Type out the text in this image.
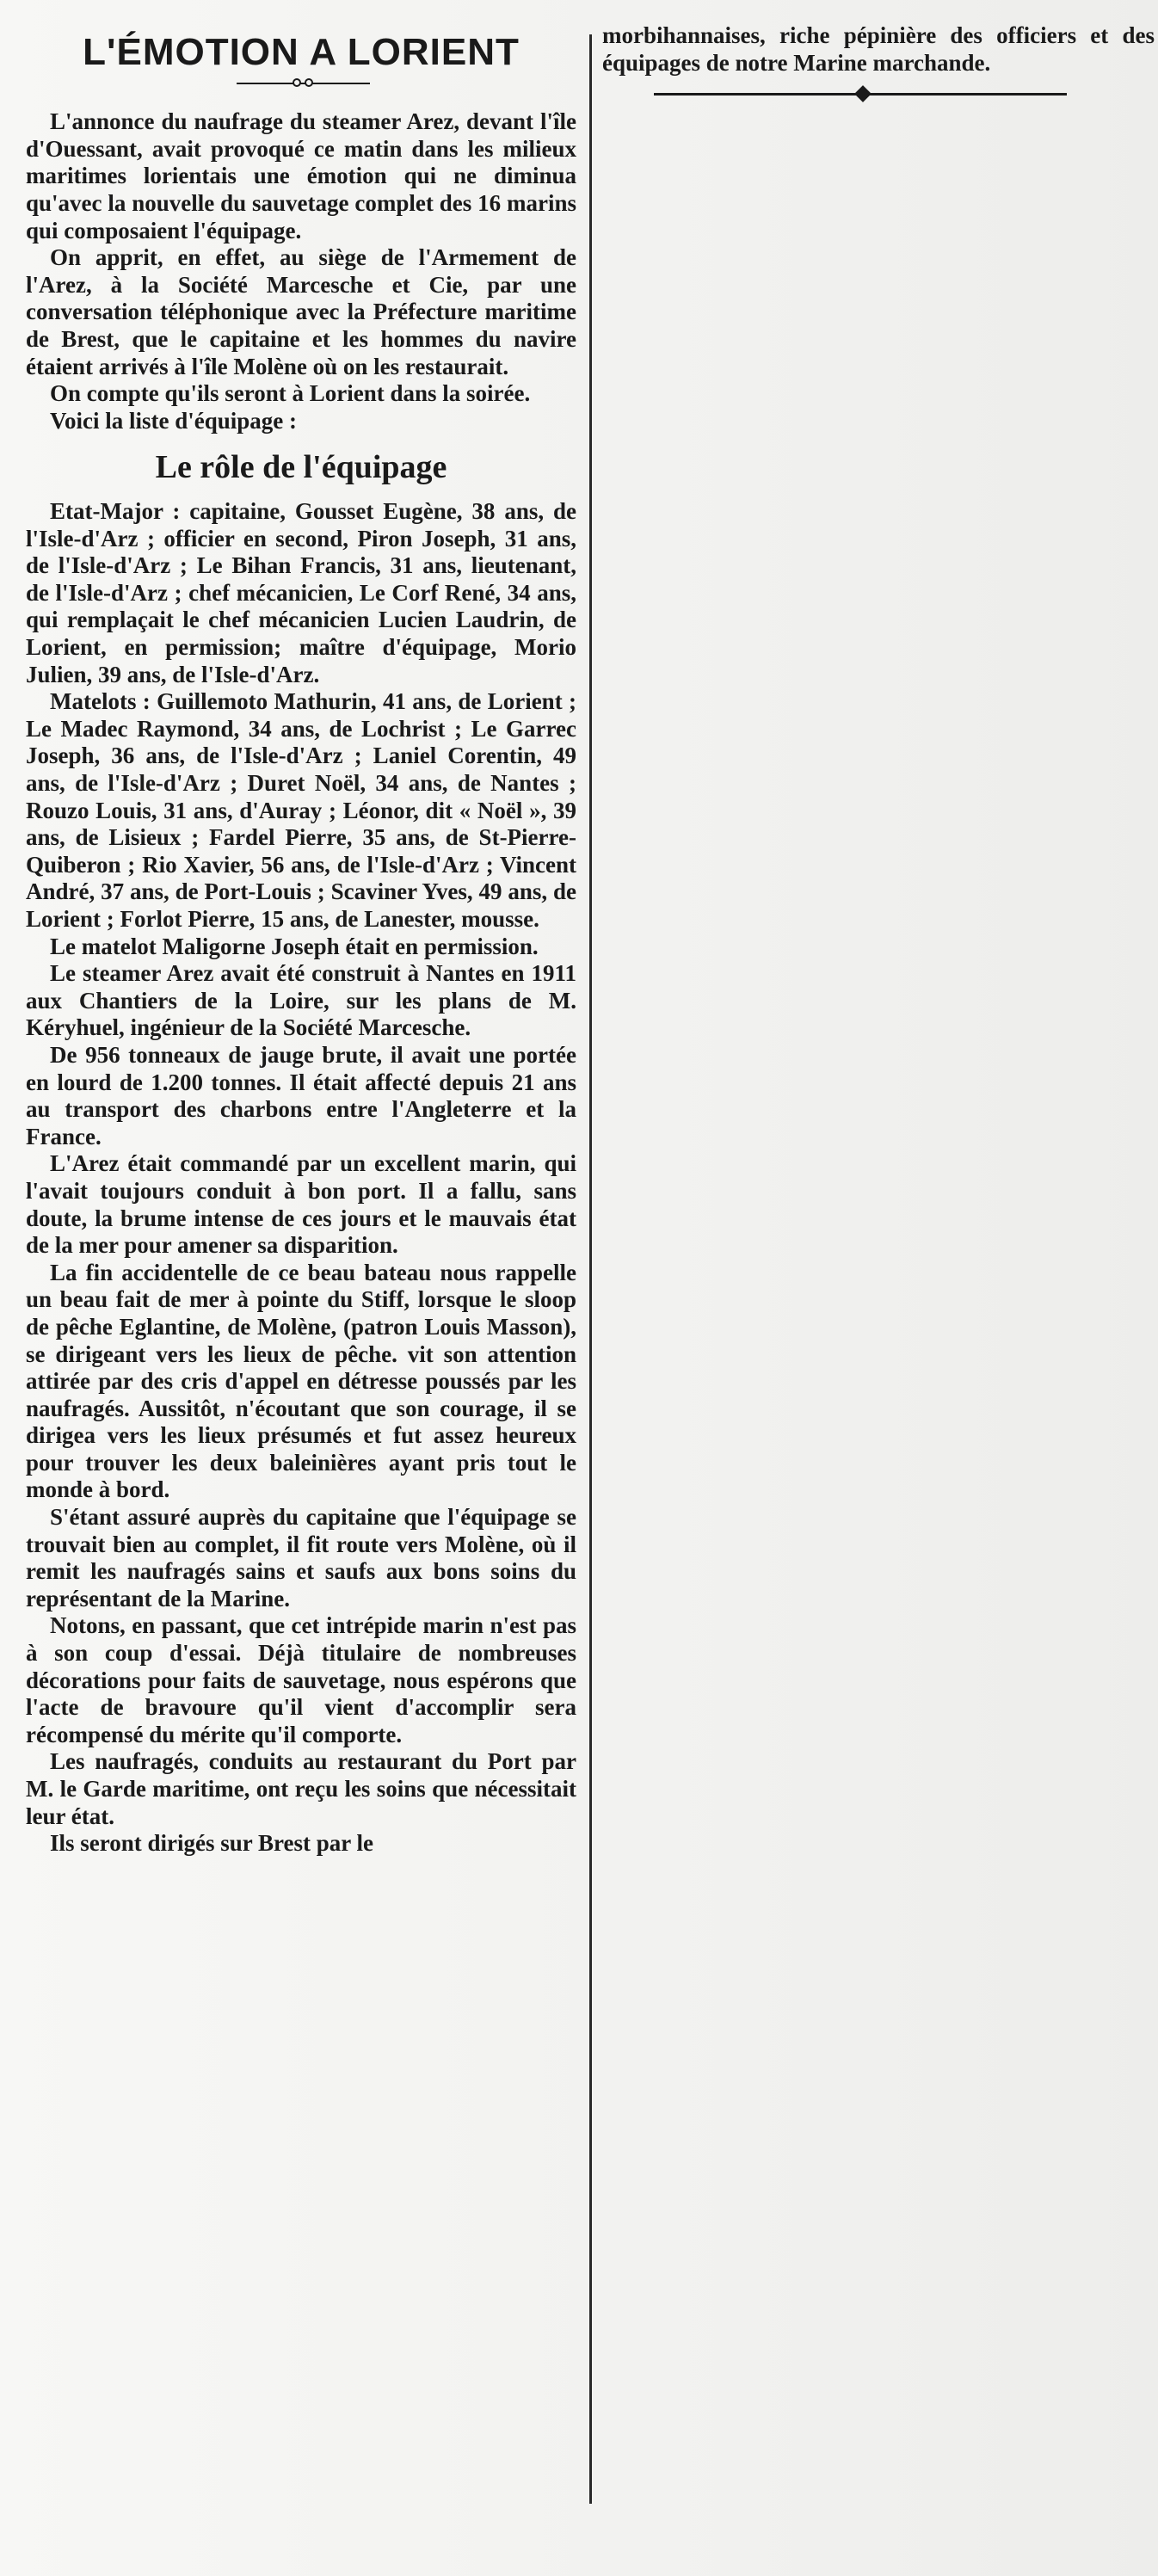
L'ÉMOTION A LORIENT

L'annonce du naufrage du steamer Arez, devant l'île d'Ouessant, avait provoqué ce matin dans les milieux maritimes lorientais une émotion qui ne diminua qu'avec la nouvelle du sauvetage complet des 16 marins qui composaient l'équipage.

On apprit, en effet, au siège de l'Armement de l'Arez, à la Société Marcesche et Cie, par une conversation téléphonique avec la Préfecture maritime de Brest, que le capitaine et les hommes du navire étaient arrivés à l'île Molène où on les restaurait.

On compte qu'ils seront à Lorient dans la soirée.

Voici la liste d'équipage :

Le rôle de l'équipage

Etat-Major : capitaine, Gousset Eugène, 38 ans, de l'Isle-d'Arz ; officier en second, Piron Joseph, 31 ans, de l'Isle-d'Arz ; Le Bihan Francis, 31 ans, lieutenant, de l'Isle-d'Arz ; chef mécanicien, Le Corf René, 34 ans, qui remplaçait le chef mécanicien Lucien Laudrin, de Lorient, en permission; maître d'équipage, Morio Julien, 39 ans, de l'Isle-d'Arz.

Matelots : Guillemoto Mathurin, 41 ans, de Lorient ; Le Madec Raymond, 34 ans, de Lochrist ; Le Garrec Joseph, 36 ans, de l'Isle-d'Arz ; Laniel Corentin, 49 ans, de l'Isle-d'Arz ; Duret Noël, 34 ans, de Nantes ; Rouzo Louis, 31 ans, d'Auray ; Léonor, dit « Noël », 39 ans, de Lisieux ; Fardel Pierre, 35 ans, de St-Pierre-Quiberon ; Rio Xavier, 56 ans, de l'Isle-d'Arz ; Vincent André, 37 ans, de Port-Louis ; Scaviner Yves, 49 ans, de Lorient ; Forlot Pierre, 15 ans, de Lanester, mousse.

Le matelot Maligorne Joseph était en permission.

Le steamer Arez avait été construit à Nantes en 1911 aux Chantiers de la Loire, sur les plans de M. Kéryhuel, ingénieur de la Société Marcesche.

De 956 tonneaux de jauge brute, il avait une portée en lourd de 1.200 tonnes. Il était affecté depuis 21 ans au transport des charbons entre l'Angleterre et la France.

L'Arez était commandé par un excellent marin, qui l'avait toujours conduit à bon port. Il a fallu, sans doute, la brume intense de ces jours et le mauvais état de la mer pour amener sa disparition.

La fin accidentelle de ce beau bateau nous rappelle un beau fait de mer à pointe du Stiff, lorsque le sloop de pêche Eglantine, de Molène, (patron Louis Masson), se dirigeant vers les lieux de pêche. vit son attention attirée par des cris d'appel en détresse poussés par les naufragés. Aussitôt, n'écoutant que son courage, il se dirigea vers les lieux présumés et fut assez heureux pour trouver les deux baleinières ayant pris tout le monde à bord.

S'étant assuré auprès du capitaine que l'équipage se trouvait bien au complet, il fit route vers Molène, où il remit les naufragés sains et saufs aux bons soins du représentant de la Marine.

Notons, en passant, que cet intrépide marin n'est pas à son coup d'essai. Déjà titulaire de nombreuses décorations pour faits de sauvetage, nous espérons que l'acte de bravoure qu'il vient d'accomplir sera récompensé du mérite qu'il comporte.

Les naufragés, conduits au restaurant du Port par M. le Garde maritime, ont reçu les soins que nécessitait leur état.

Ils seront dirigés sur Brest par le

morbihannaises, riche pépinière des officiers et des équipages de notre Marine marchande.
